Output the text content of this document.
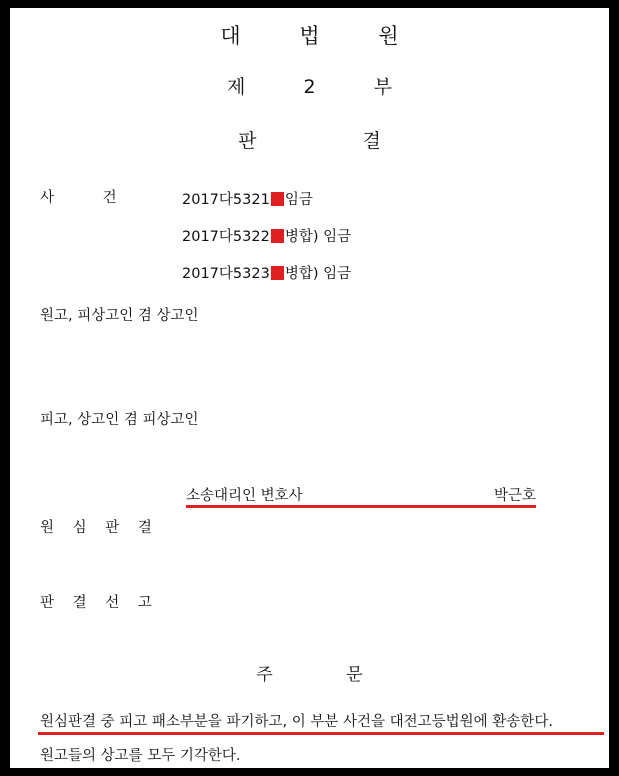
대 법 원
제 2 부
판 결
사 건	2017다5321 임금
2017다5322 병합) 임금
2017다5323 병합) 임금
원고, 피상고인 겸 상고인
피고, 상고인 겸 피상고인
소송대리인 변호사	박근호
원 심 판 결
판 결 선 고
주 문
원심판결 중 피고 패소부분을 파기하고, 이 부분 사건을 대전고등법원에 환송한다.
원고들의 상고를 모두 기각한다.
